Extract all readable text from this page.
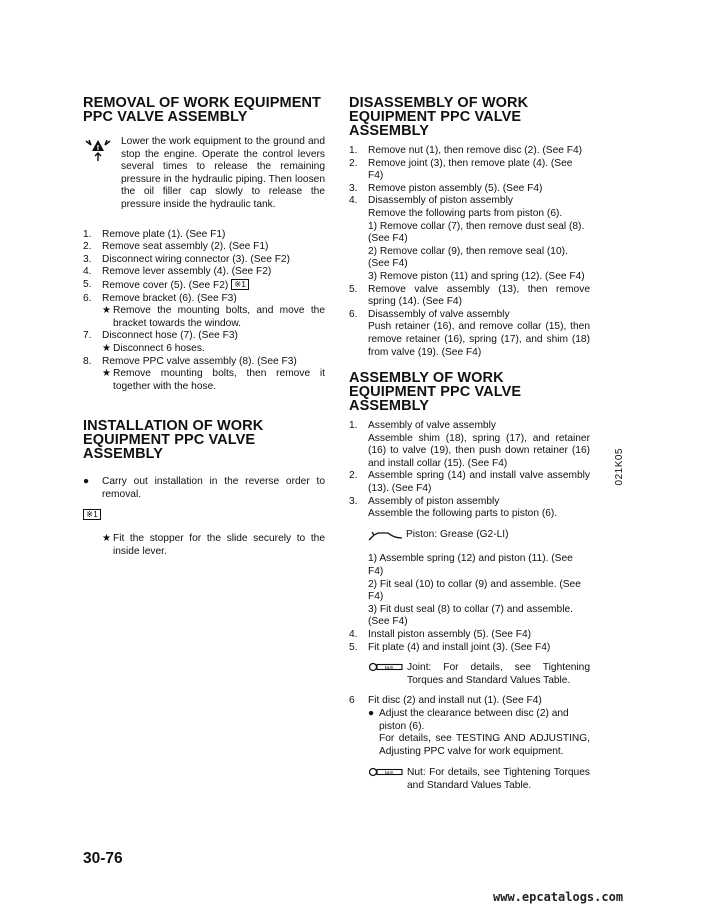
REMOVAL OF WORK EQUIPMENT
PPC VALVE ASSEMBLY
!
Lower the work equipment to the ground and stop the engine. Operate the control levers several times to release the remaining pressure in the hydraulic piping. Then loosen the oil filler cap slowly to release the pressure inside the hydraulic tank.
1.	Remove plate (1). (See F1)
2.	Remove seat assembly (2). (See F1)
3.	Disconnect wiring connector (3). (See F2)
4.	Remove lever assembly (4). (See F2)
5.	Remove cover (5). (See F2) ※1
6.	Remove bracket (6). (See F3)
★ Remove the mounting bolts, and move the bracket towards the window.
7.	Disconnect hose (7). (See F3)
★ Disconnect 6 hoses.
8.	Remove PPC valve assembly (8). (See F3)
★ Remove mounting bolts, then remove it together with the hose.
INSTALLATION OF WORK
EQUIPMENT PPC VALVE
ASSEMBLY
●	Carry out installation in the reverse order to removal.
※1
★ Fit the stopper for the slide securely to the inside lever.
DISASSEMBLY OF WORK
EQUIPMENT PPC VALVE
ASSEMBLY
1.	Remove nut (1), then remove disc (2). (See F4)
2.	Remove joint (3), then remove plate (4). (See F4)
3.	Remove piston assembly (5). (See F4)
4.	Disassembly of piston assembly
Remove the following parts from piston (6).
1) Remove collar (7), then remove dust seal (8). (See F4)
2) Remove collar (9), then remove seal (10). (See F4)
3) Remove piston (11) and spring (12). (See F4)
5.	Remove valve assembly (13), then remove spring (14). (See F4)
6.	Disassembly of valve assembly
Push retainer (16), and remove collar (15), then remove retainer (16), spring (17), and shim (18) from valve (19). (See F4)
ASSEMBLY OF WORK
EQUIPMENT PPC VALVE
ASSEMBLY
1.	Assembly of valve assembly
Assemble shim (18), spring (17), and retainer (16) to valve (19), then push down retainer (16) and install collar (15). (See F4)
2.	Assemble spring (14) and install valve assembly (13). (See F4)
3.	Assembly of piston assembly
Assemble the following parts to piston (6).
Piston: Grease (G2-LI)
1) Assemble spring (12) and piston (11). (See F4)
2) Fit seal (10) to collar (9) and assemble. (See F4)
3) Fit dust seal (8) to collar (7) and assemble. (See F4)
4.	Install piston assembly (5). (See F4)
5.	Fit plate (4) and install joint (3). (See F4)
kgm Joint: For details, see Tightening Torques and Standard Values Table.
6	Fit disc (2) and install nut (1). (See F4)
● Adjust the clearance between disc (2) and piston (6).
For details, see TESTING AND ADJUSTING, Adjusting PPC valve for work equipment.
kgm Nut: For details, see Tightening Torques and Standard Values Table.
021K05
30-76
www.epcatalogs.com
